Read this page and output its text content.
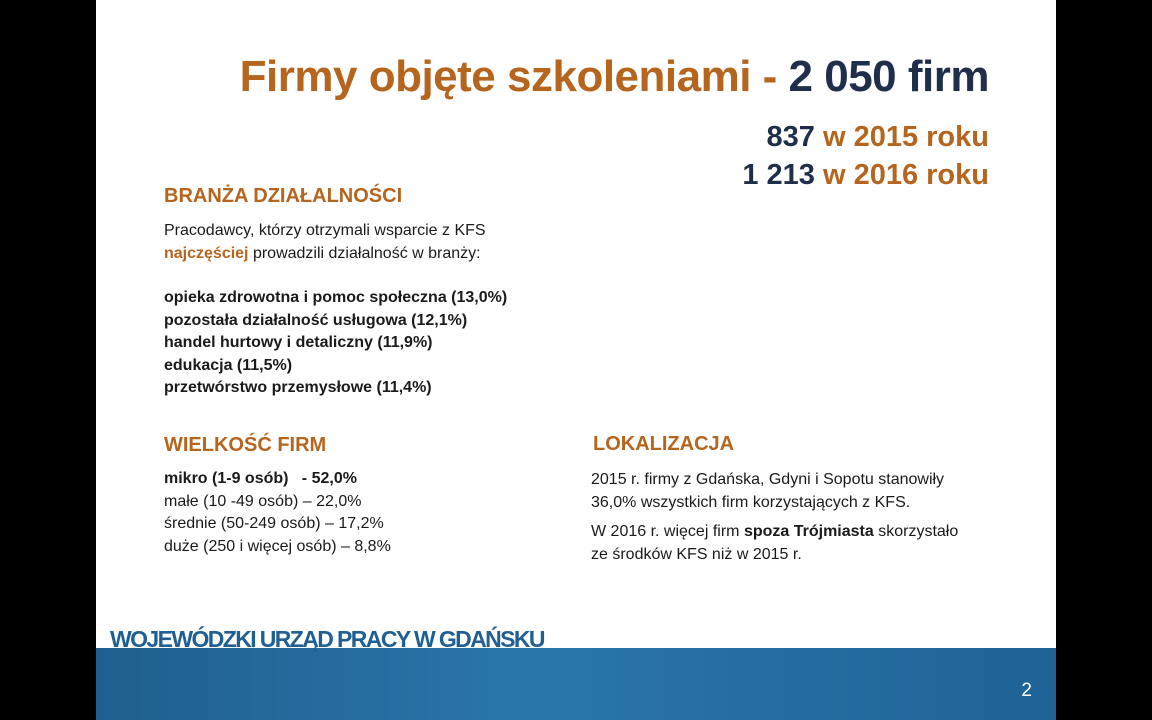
Firmy objęte szkoleniami - 2 050 firm
837 w 2015 roku
1 213 w 2016 roku
BRANŻA DZIAŁALNOŚCI
Pracodawcy, którzy otrzymali wsparcie z KFS
najczęściej prowadzili działalność w branży:
opieka zdrowotna i pomoc społeczna (13,0%)
pozostała działalność usługowa (12,1%)
handel hurtowy i detaliczny (11,9%)
edukacja (11,5%)
przetwórstwo przemysłowe (11,4%)
WIELKOŚĆ FIRM
mikro (1-9 osób)   - 52,0%
małe (10 -49 osób) – 22,0%
średnie (50-249 osób) – 17,2%
duże (250 i więcej osób) – 8,8%
LOKALIZACJA
2015 r. firmy z Gdańska, Gdyni i Sopotu stanowiły
36,0% wszystkich firm korzystających z KFS.
W 2016 r. więcej firm spoza Trójmiasta skorzystało
ze środków KFS niż w 2015 r.
WOJEWÓDZKI URZĄD PRACY W GDAŃSKU
2
